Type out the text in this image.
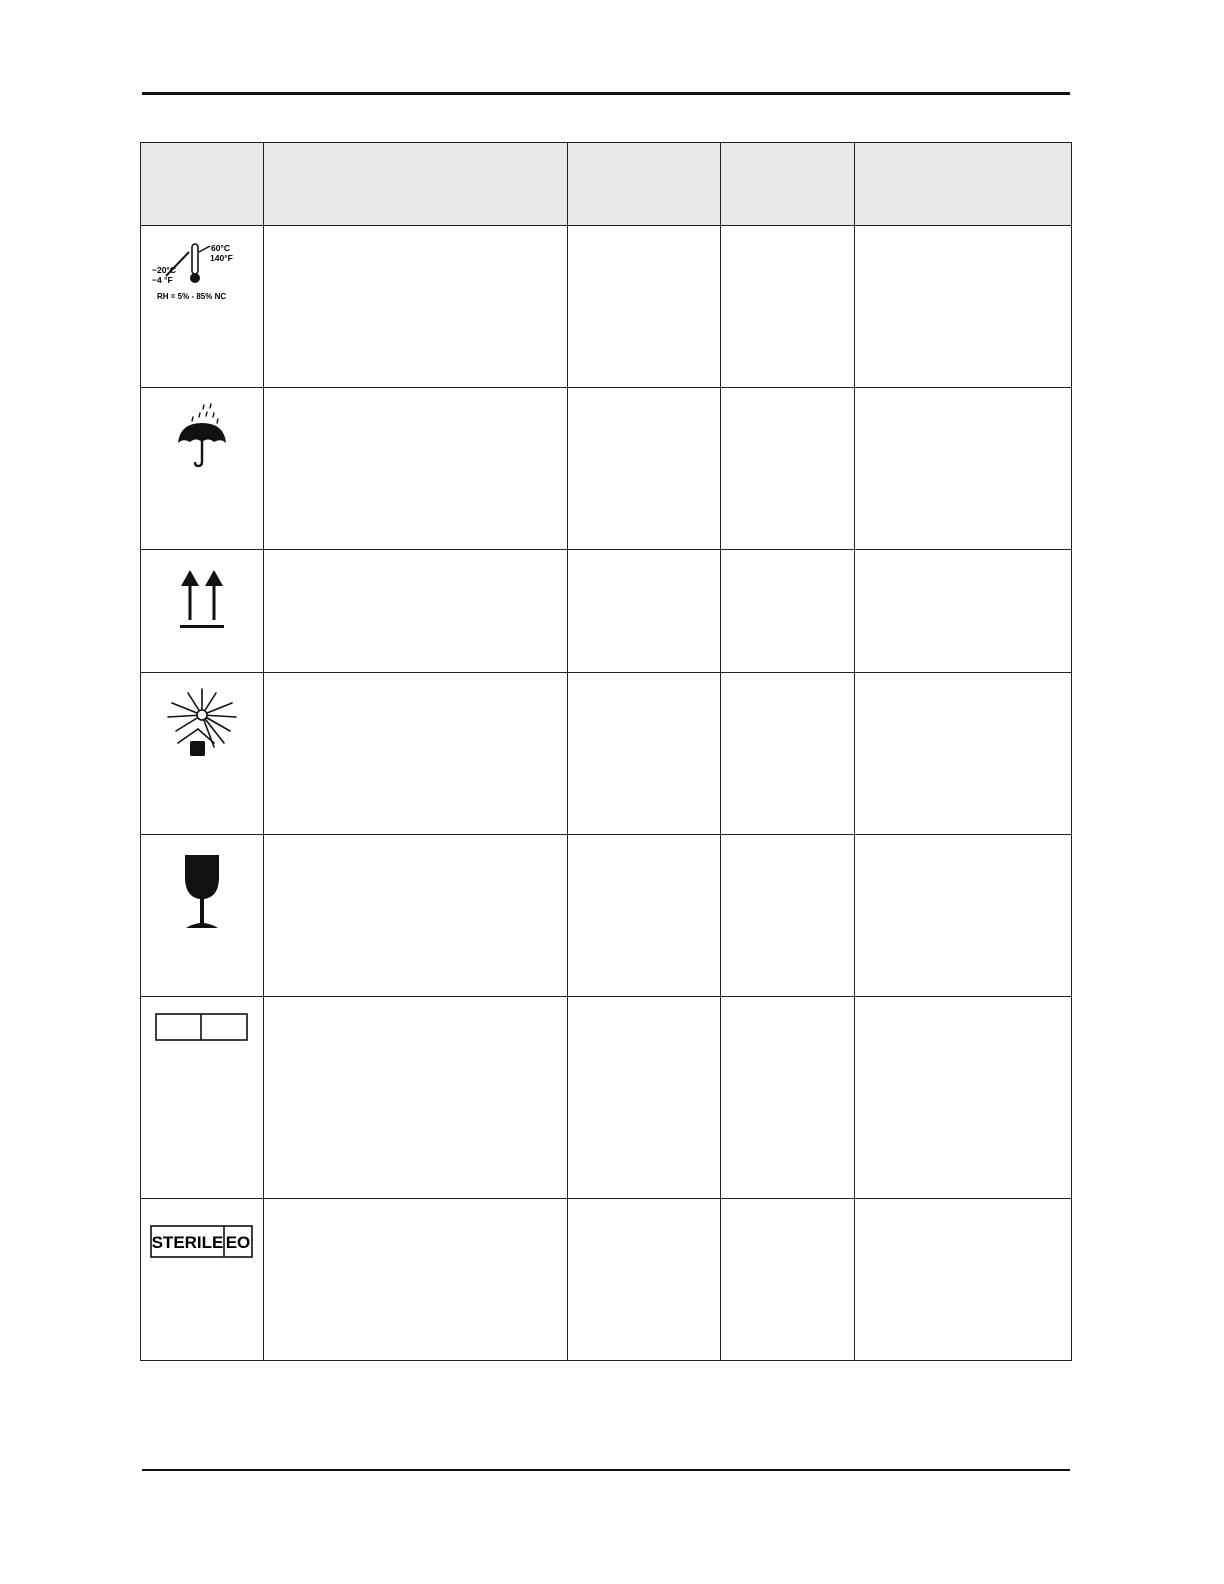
60°C
140°F
−20°C
−4 °F
RH = 5% - 85% NC				

STERILE EO				
